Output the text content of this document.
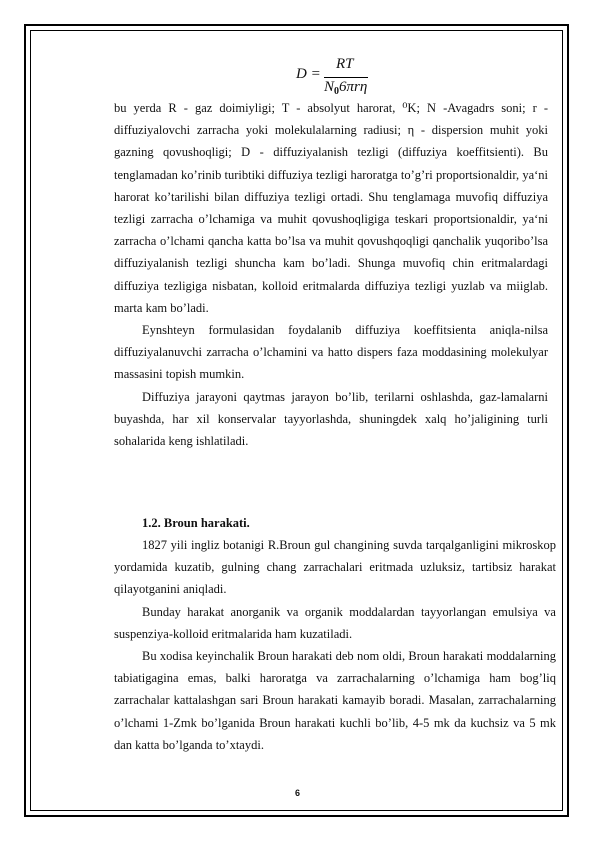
D =
RT
$N_06\pi r\eta$

bu yerda R - gaz doimiyligi; T - absolyut harorat, ⁰K; N -Avagadrs soni; r - diffuziyalovchi zarracha yoki molekulalarning radiusi; η - dispersion muhit yoki gazning qovushoqligi; D - diffuziyalanish tezligi (diffuziya koeffitsienti). Bu tenglamadan ko’rinib turibtiki diffuziya tezligi haroratga to’g’ri proportsionaldir, ya‘ni harorat ko’tarilishi bilan diffuziya tezligi ortadi. Shu tenglamaga muvofiq diffuziya tezligi zarracha o’lchamiga va muhit qovushoqligiga teskari proportsionaldir, ya‘ni zarracha o’lchami qancha katta bo’lsa va muhit qovushqoqligi qanchalik yuqoribo’lsa diffuziyalanish tezligi shuncha kam bo’ladi. Shunga muvofiq chin eritmalardagi diffuziya tezligiga nisbatan, kolloid eritmalarda diffuziya tezligi yuzlab va miiglab. marta kam bo’ladi.

Eynshteyn formulasidan foydalanib diffuziya koeffitsienta aniqla-nilsa diffuziyalanuvchi zarracha o’lchamini va hatto dispers faza moddasining molekulyar massasini topish mumkin.

Diffuziya jarayoni qaytmas jarayon bo’lib, terilarni oshlashda, gaz-lamalarni buyashda, har xil konservalar tayyorlashda, shuningdek xalq ho’jaligining turli sohalarida keng ishlatiladi.

1.2. Broun harakati.

1827 yili ingliz botanigi R.Broun gul changining suvda tarqalganligini mikroskop yordamida kuzatib, gulning chang zarrachalari eritmada uzluksiz, tartibsiz harakat qilayotganini aniqladi.

Bunday harakat anorganik va organik moddalardan tayyorlangan emulsiya va suspenziya-kolloid eritmalarida ham kuzatiladi.

Bu xodisa keyinchalik Broun harakati deb nom oldi, Broun harakati moddalarning tabiatigagina emas, balki haroratga va zarrachalarning o’lchamiga ham bog’liq zarrachalar kattalashgan sari Broun harakati kamayib boradi. Masalan, zarrachalarning o’lchami 1-Zmk bo’lganida Broun harakati kuchli bo’lib, 4-5 mk da kuchsiz va 5 mk dan katta bo’lganda to’xtaydi.

6
